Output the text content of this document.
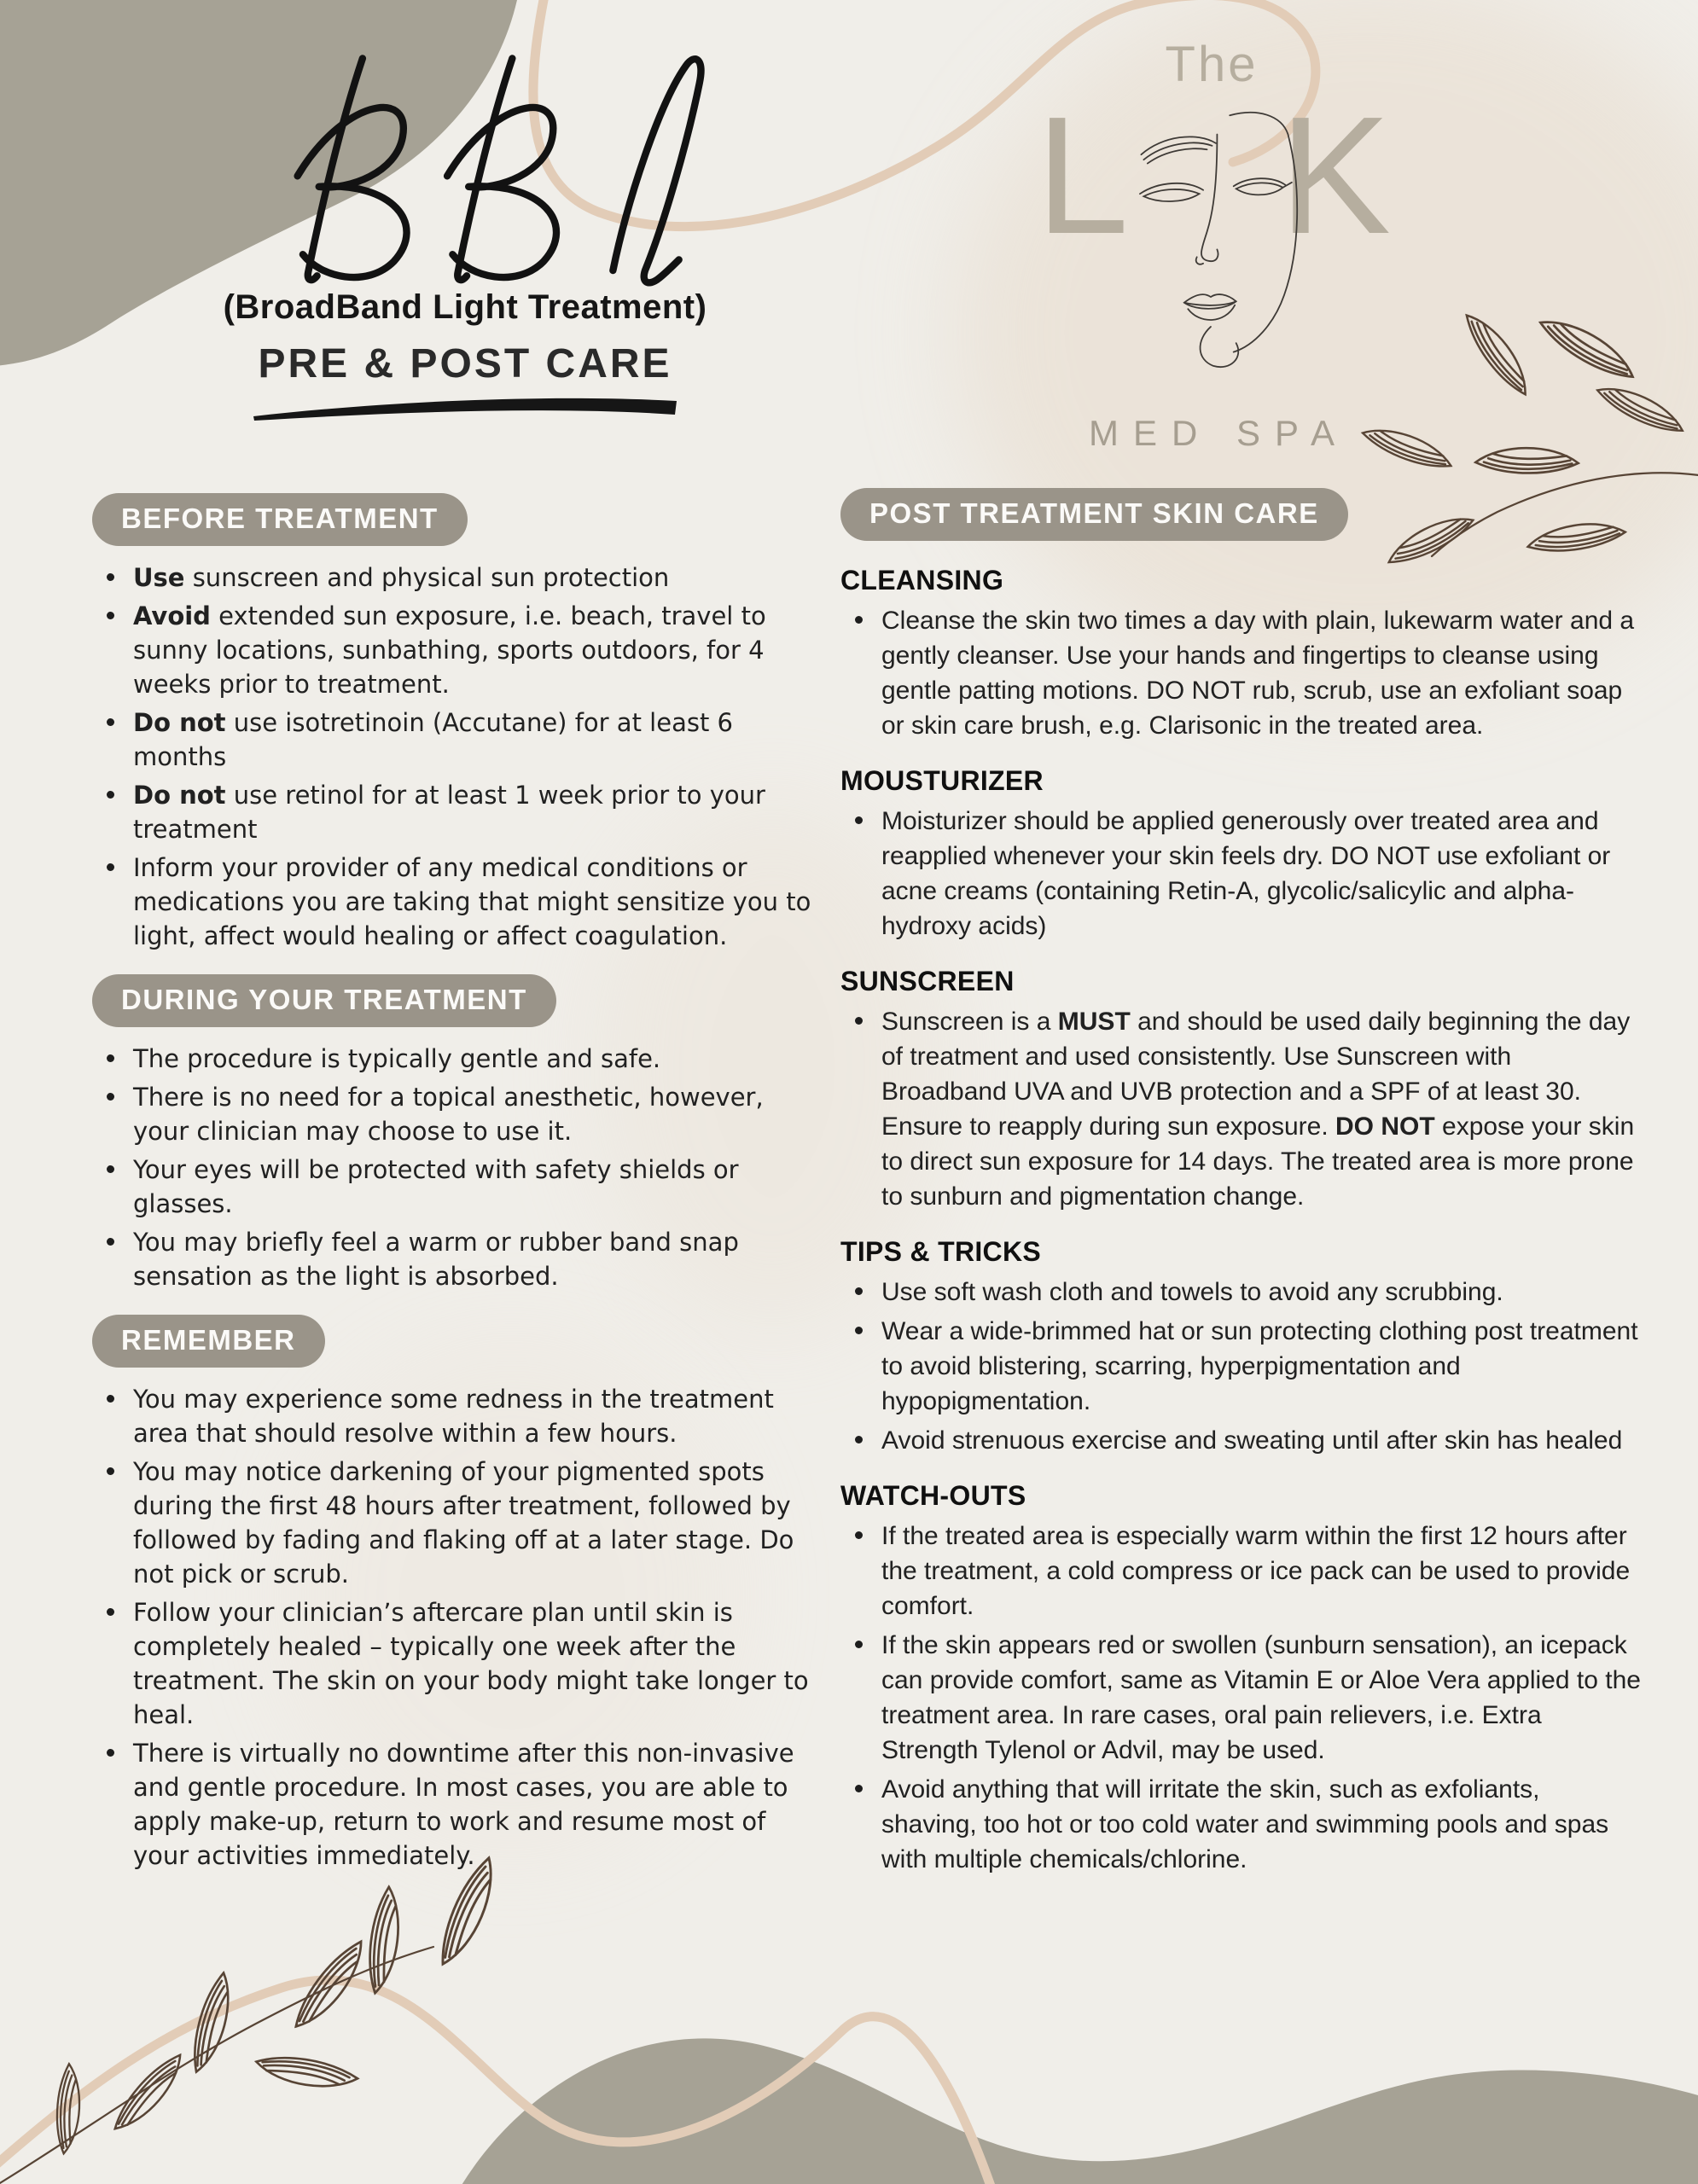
(BroadBand Light Treatment)
PRE & POST CARE
The
L K
MED SPA
BEFORE TREATMENT
Use sunscreen and physical sun protection
Avoid extended sun exposure, i.e. beach, travel to sunny locations, sunbathing, sports outdoors, for 4 weeks prior to treatment.
Do not use isotretinoin (Accutane) for at least 6 months
Do not use retinol for at least 1 week prior to your treatment
Inform your provider of any medical conditions or medications you are taking that might sensitize you to light, affect would healing or affect coagulation.
DURING YOUR TREATMENT
The procedure is typically gentle and safe.
There is no need for a topical anesthetic, however, your clinician may choose to use it.
Your eyes will be protected with safety shields or glasses.
You may briefly feel a warm or rubber band snap sensation as the light is absorbed.
REMEMBER
You may experience some redness in the treatment area that should resolve within a few hours.
You may notice darkening of your pigmented spots during the first 48 hours after treatment, followed by followed by fading and flaking off at a later stage. Do not pick or scrub.
Follow your clinician’s aftercare plan until skin is completely healed – typically one week after the treatment. The skin on your body might take longer to heal.
There is virtually no downtime after this non-invasive and gentle procedure. In most cases, you are able to apply make-up, return to work and resume most of your activities immediately.
POST TREATMENT SKIN CARE
CLEANSING
Cleanse the skin two times a day with plain, lukewarm water and a gently cleanser. Use your hands and fingertips to cleanse using gentle patting motions. DO NOT rub, scrub, use an exfoliant soap or skin care brush, e.g. Clarisonic in the treated area.
MOUSTURIZER
Moisturizer should be applied generously over treated area and reapplied whenever your skin feels dry. DO NOT use exfoliant or acne creams (containing Retin-A, glycolic/salicylic and alpha-hydroxy acids)
SUNSCREEN
Sunscreen is a MUST and should be used daily beginning the day of treatment and used consistently. Use Sunscreen with Broadband UVA and UVB protection and a SPF of at least 30. Ensure to reapply during sun exposure. DO NOT expose your skin to direct sun exposure for 14 days. The treated area is more prone to sunburn and pigmentation change.
TIPS & TRICKS
Use soft wash cloth and towels to avoid any scrubbing.
Wear a wide-brimmed hat or sun protecting clothing post treatment to avoid blistering, scarring, hyperpigmentation and hypopigmentation.
Avoid strenuous exercise and sweating until after skin has healed
WATCH-OUTS
If the treated area is especially warm within the first 12 hours after the treatment, a cold compress or ice pack can be used to provide comfort.
If the skin appears red or swollen (sunburn sensation), an icepack can provide comfort, same as Vitamin E or Aloe Vera applied to the treatment area. In rare cases, oral pain relievers, i.e. Extra Strength Tylenol or Advil, may be used.
Avoid anything that will irritate the skin, such as exfoliants, shaving, too hot or too cold water and swimming pools and spas with multiple chemicals/chlorine.
